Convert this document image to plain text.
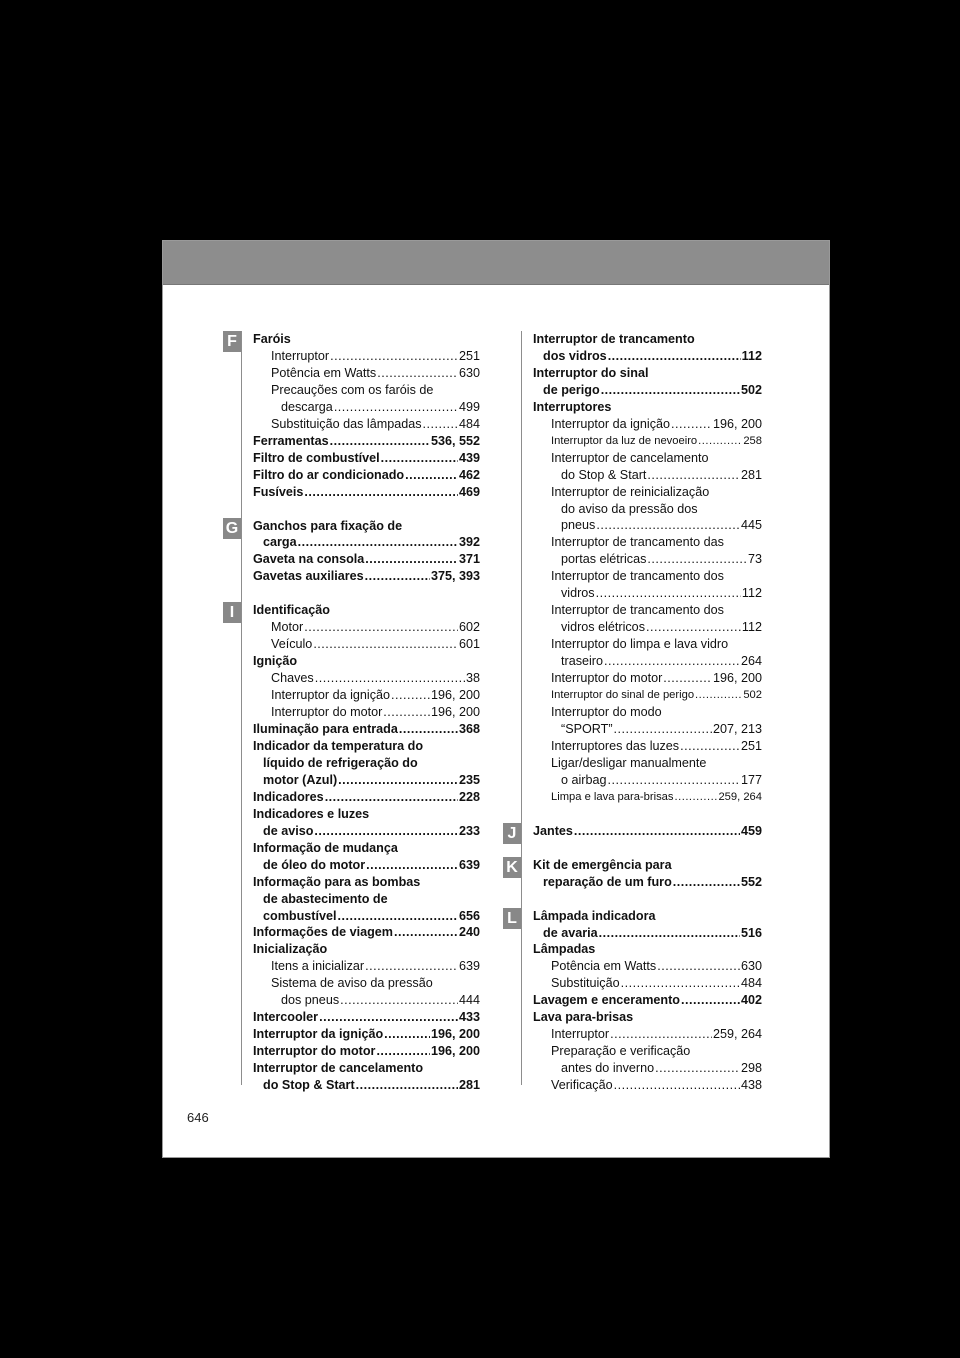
F	Faróis
Interruptor .....	251
Potência em Watts .....	630
Precauções com os faróis de
descarga .....	499
Substituição das lâmpadas .....	484
Ferramentas .....	536, 552
Filtro de combustível .....	439
Filtro do ar condicionado .....	462
Fusíveis .....	469
G Ganchos para fixação de
carga .....	392
Gaveta na consola .....	371
Gavetas auxiliares .....	375, 393
I	Identificação
Motor .....	602
Veículo .....	601
Ignição
Chaves .....	38
Interruptor da ignição .....	196, 200
Interruptor do motor .....	196, 200
Iluminação para entrada .....	368
Indicador da temperatura do
líquido de refrigeração do
motor (Azul) .....	235
Indicadores .....	228
Indicadores e luzes
de aviso .....	233
Informação de mudança
de óleo do motor .....	639
Informação para as bombas
de abastecimento de
combustível .....	656
Informações de viagem .....	240
Inicialização
Itens a inicializar .....	639
Sistema de aviso da pressão
dos pneus .....	444
Intercooler .....	433
Interruptor da ignição .....	196, 200
Interruptor do motor .....	196, 200
Interruptor de cancelamento
do Stop & Start .....	281
Interruptor de trancamento
dos vidros .....	112
Interruptor do sinal
de perigo .....	502
Interruptores
Interruptor da ignição .....	196, 200
Interruptor da luz de nevoeiro .....	258
Interruptor de cancelamento
do Stop & Start .....	281
Interruptor de reinicialização
do aviso da pressão dos
pneus .....	445
Interruptor de trancamento das
portas elétricas .....	73
Interruptor de trancamento dos
vidros .....	112
Interruptor de trancamento dos
vidros elétricos .....	112
Interruptor do limpa e lava vidro
traseiro .....	264
Interruptor do motor .....	196, 200
Interruptor do sinal de perigo .....	502
Interruptor do modo
“SPORT” .....	207, 213
Interruptores das luzes .....	251
Ligar/desligar manualmente
o airbag .....	177
Limpa e lava para-brisas .....	259, 264
J	Jantes .....	459
K Kit de emergência para
reparação de um furo .....	552
L	Lâmpada indicadora
de avaria .....	516
Lâmpadas
Potência em Watts .....	630
Substituição .....	484
Lavagem e enceramento .....	402
Lava para-brisas
Interruptor .....	259, 264
Preparação e verificação
antes do inverno .....	298
Verificação .....	438
646
